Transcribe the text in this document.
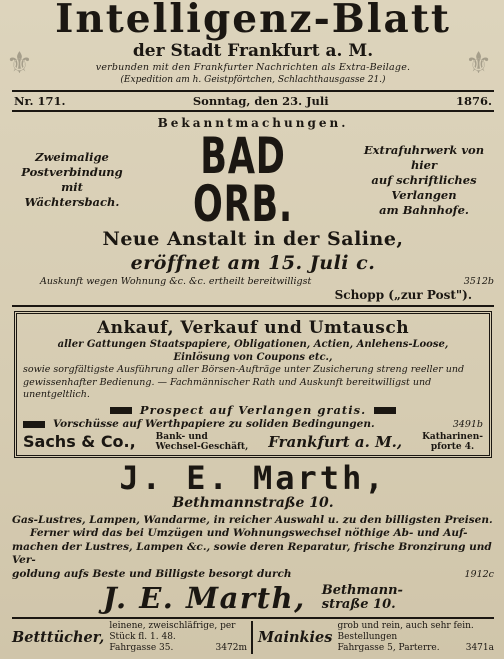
⚜	⚜
Intelligenz-Blatt
der Stadt Frankfurt a. M.
verbunden mit den Frankfurter Nachrichten als Extra-Beilage.
(Expedition am h. Geistpförtchen, Schlachthausgasse 21.)
Nr. 171.	Sonntag, den 23. Juli	1876.
Bekanntmachungen.
Zweimalige Postverbindung
mit Wächtersbach.
BAD ORB.
Extrafuhrwerk von hier
auf schriftliches Verlangen
am Bahnhofe.
Neue Anstalt in der Saline,
eröffnet am 15. Juli c.
Auskunft wegen Wohnung &c. &c. ertheilt bereitwilligst	3512b
Schopp („zur Post").
Ankauf, Verkauf und Umtausch
aller Gattungen Staatspapiere, Obligationen, Actien, Anlehens-Loose,
Einlösung von Coupons etc.,
sowie sorgfältigste Ausführung aller Börsen-Aufträge unter Zusicherung streng reeller und
gewissenhafter Bedienung. — Fachmännischer Rath und Auskunft bereitwilligst und unentgeltlich.
Prospect auf Verlangen gratis.
Vorschüsse auf Werthpapiere zu soliden Bedingungen.	3491b
Sachs & Co., Bank- und
Wechsel-Geschäft, Frankfurt a. M., Katharinen-
pforte 4.
J. E. Marth,
Bethmannstraße 10.
Gas-Lustres, Lampen, Wandarme, in reicher Auswahl u. zu den billigsten Preisen.
Ferner wird das bei Umzügen und Wohnungswechsel nöthige Ab- und Auf-
machen der Lustres, Lampen &c., sowie deren Reparatur, frische Bronzirung und Ver-
goldung aufs Beste und Billigste besorgt durch	1912c
J. E. Marth, Bethmann-
straße 10.
Betttücher,
leinene, zweischläfrige, per Stück fl. 1. 48.
Fahrgasse 35.	3472m
Mainkies
grob und rein, auch sehr fein. Bestellungen
Fahrgasse 5, Parterre.	3471a
